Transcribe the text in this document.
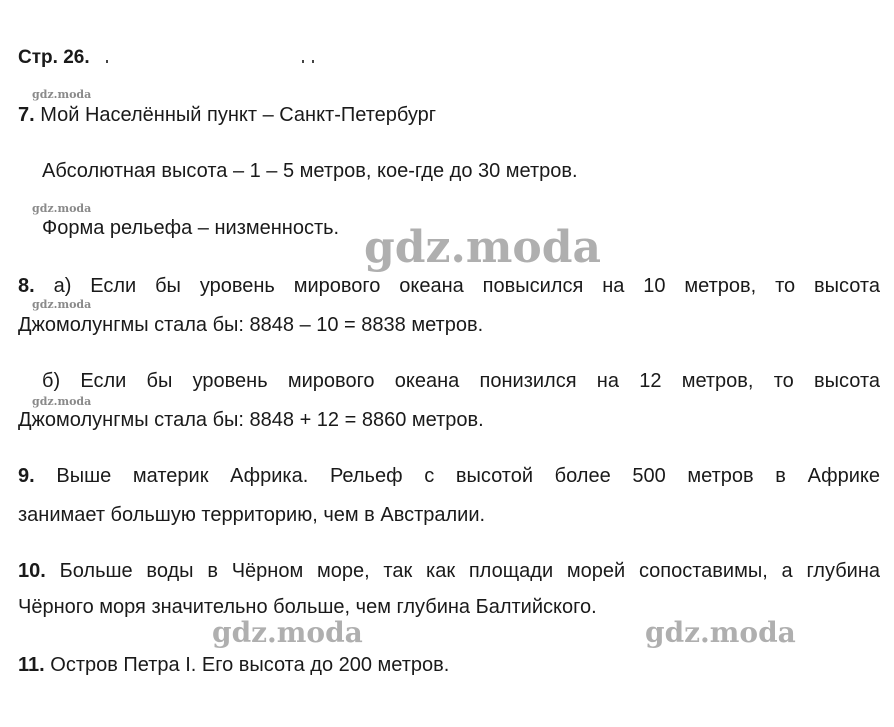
Стр. 26.
gdz.moda
gdz.moda
gdz.moda
gdz.moda
7. Мой Населённый пункт – Санкт-Петербург
Абсолютная высота – 1 – 5 метров, кое-где до 30 метров.
Форма рельефа – низменность.
8. а) Если бы уровень мирового океана повысился на 10 метров, то высота
Джомолунгмы стала бы: 8848 – 10 = 8838 метров.
б) Если бы уровень мирового океана понизился на 12 метров, то высота
Джомолунгмы стала бы: 8848 + 12 = 8860 метров.
9. Выше материк Африка. Рельеф с высотой более 500 метров в Африке
занимает большую территорию, чем в Австралии.
10. Больше воды в Чёрном море, так как площади морей сопоставимы, а глубина
Чёрного моря значительно больше, чем глубина Балтийского.
11. Остров Петра I. Его высота до 200 метров.
gdz.moda
gdz.moda	gdz.moda
